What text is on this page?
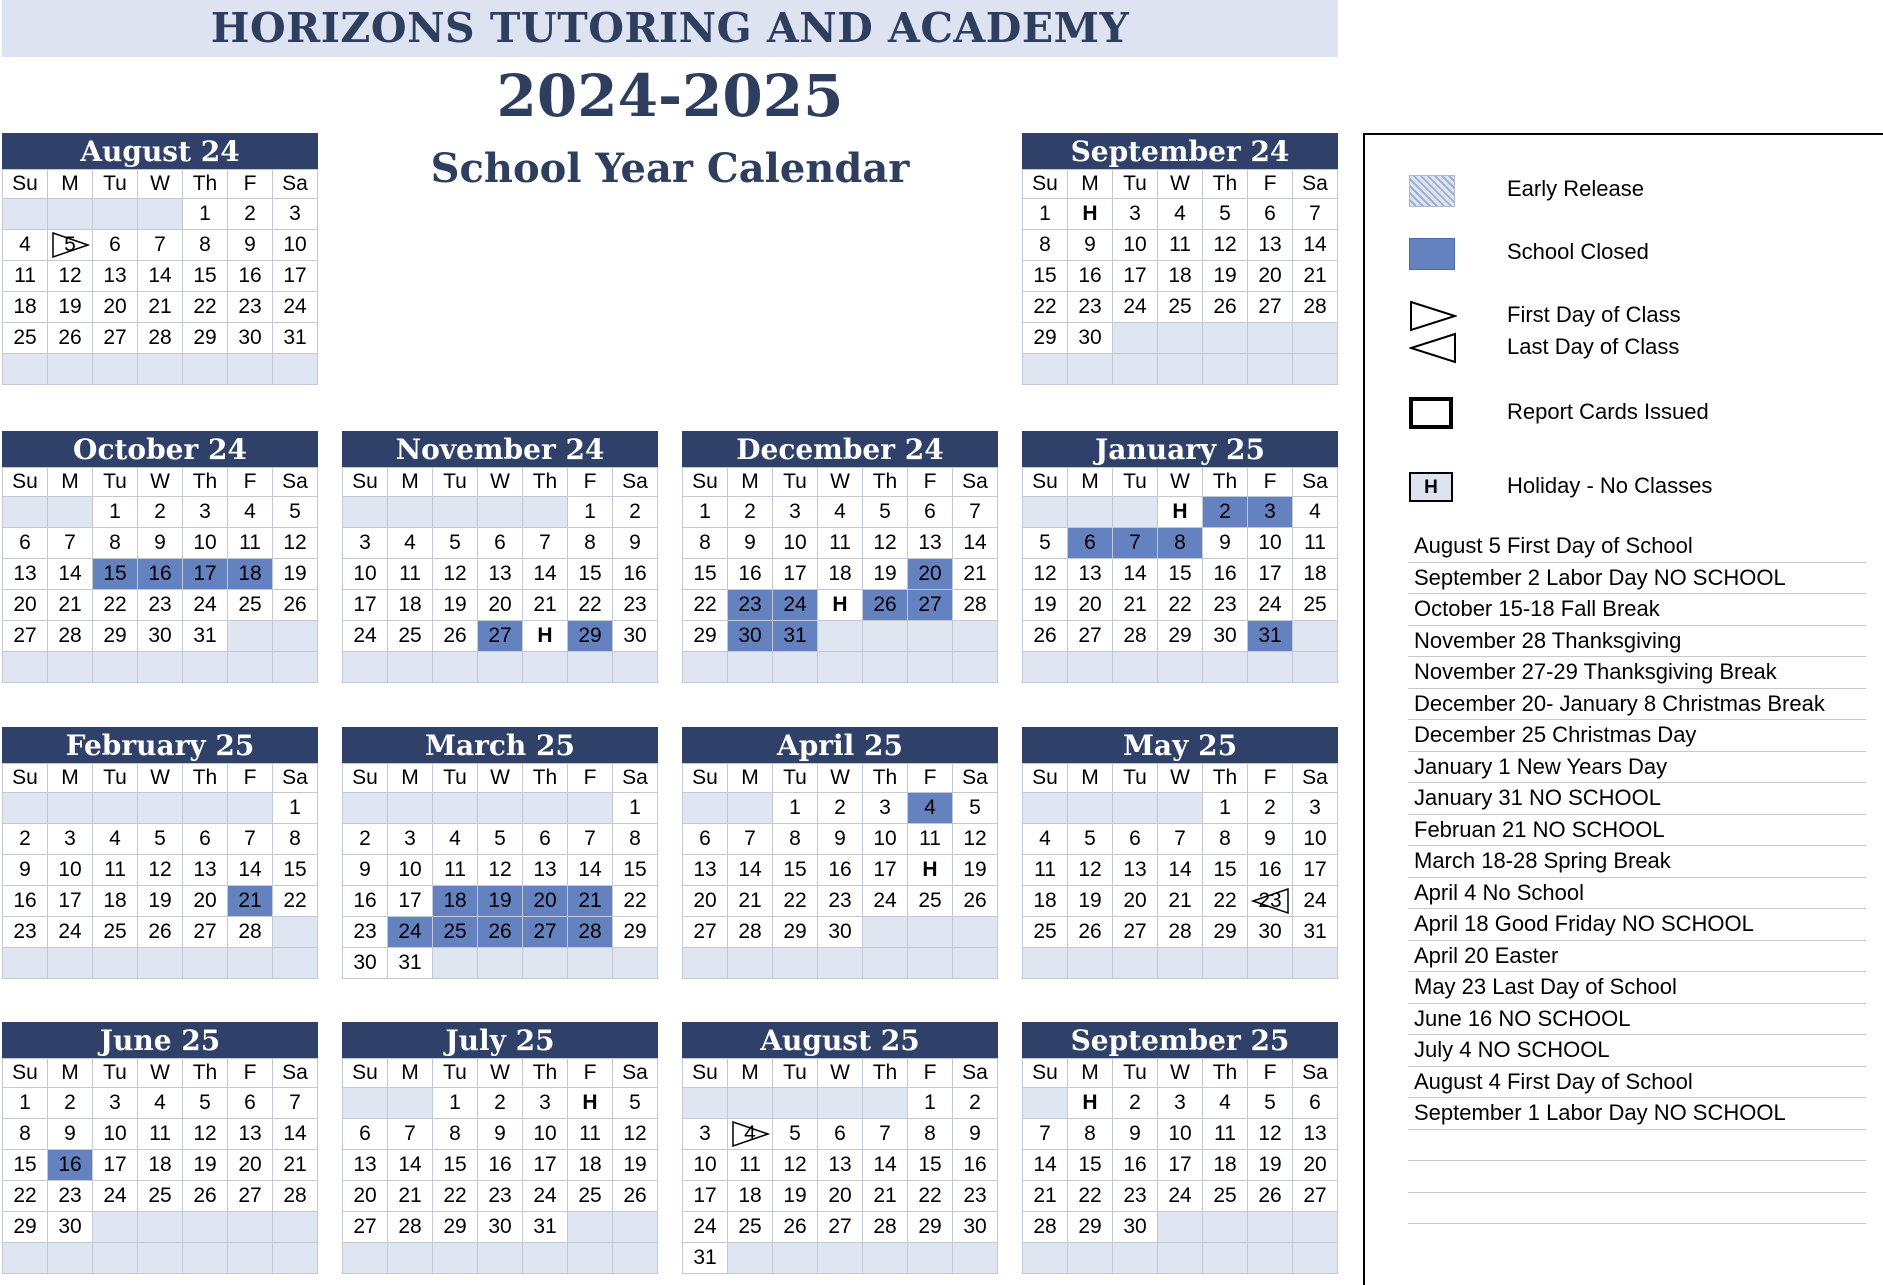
HORIZONS TUTORING AND ACADEMY
2024-2025
School Year Calendar
August 24
Su	M	Tu	W	Th	F	Sa
				1	2	3
4	5	6	7	8	9	10
11	12	13	14	15	16	17
18	19	20	21	22	23	24
25	26	27	28	29	30	31

September 24
Su	M	Tu	W	Th	F	Sa
1	H	3	4	5	6	7
8	9	10	11	12	13	14
15	16	17	18	19	20	21
22	23	24	25	26	27	28
29	30					

October 24
Su	M	Tu	W	Th	F	Sa
		1	2	3	4	5
6	7	8	9	10	11	12
13	14	15	16	17	18	19
20	21	22	23	24	25	26
27	28	29	30	31		

November 24
Su	M	Tu	W	Th	F	Sa
					1	2
3	4	5	6	7	8	9
10	11	12	13	14	15	16
17	18	19	20	21	22	23
24	25	26	27	H	29	30

December 24
Su	M	Tu	W	Th	F	Sa
1	2	3	4	5	6	7
8	9	10	11	12	13	14
15	16	17	18	19	20	21
22	23	24	H	26	27	28
29	30	31				

January 25
Su	M	Tu	W	Th	F	Sa
			H	2	3	4
5	6	7	8	9	10	11
12	13	14	15	16	17	18
19	20	21	22	23	24	25
26	27	28	29	30	31	

February 25
Su	M	Tu	W	Th	F	Sa
						1
2	3	4	5	6	7	8
9	10	11	12	13	14	15
16	17	18	19	20	21	22
23	24	25	26	27	28	

March 25
Su	M	Tu	W	Th	F	Sa
						1
2	3	4	5	6	7	8
9	10	11	12	13	14	15
16	17	18	19	20	21	22
23	24	25	26	27	28	29
30	31					
April 25
Su	M	Tu	W	Th	F	Sa
		1	2	3	4	5
6	7	8	9	10	11	12
13	14	15	16	17	H	19
20	21	22	23	24	25	26
27	28	29	30			

May 25
Su	M	Tu	W	Th	F	Sa
				1	2	3
4	5	6	7	8	9	10
11	12	13	14	15	16	17
18	19	20	21	22	23	24
25	26	27	28	29	30	31

June 25
Su	M	Tu	W	Th	F	Sa
1	2	3	4	5	6	7
8	9	10	11	12	13	14
15	16	17	18	19	20	21
22	23	24	25	26	27	28
29	30					

July 25
Su	M	Tu	W	Th	F	Sa
		1	2	3	H	5
6	7	8	9	10	11	12
13	14	15	16	17	18	19
20	21	22	23	24	25	26
27	28	29	30	31		

August 25
Su	M	Tu	W	Th	F	Sa
					1	2
3	4	5	6	7	8	9
10	11	12	13	14	15	16
17	18	19	20	21	22	23
24	25	26	27	28	29	30
31						
September 25
Su	M	Tu	W	Th	F	Sa
	H	2	3	4	5	6
7	8	9	10	11	12	13
14	15	16	17	18	19	20
21	22	23	24	25	26	27
28	29	30				

Early Release
School Closed
First Day of Class
Last Day of Class
Report Cards Issued
H	Holiday - No Classes
August 5 First Day of School
September 2 Labor Day NO SCHOOL
October 15-18 Fall Break
November 28 Thanksgiving
November 27-29 Thanksgiving Break
December 20- January 8 Christmas Break
December 25 Christmas Day
January 1 New Years Day
January 31 NO SCHOOL
Februan 21 NO SCHOOL
March 18-28 Spring Break
April 4 No School
April 18 Good Friday NO SCHOOL
April 20 Easter
May 23 Last Day of School
June 16 NO SCHOOL
July 4 NO SCHOOL
August 4 First Day of School
September 1 Labor Day NO SCHOOL
